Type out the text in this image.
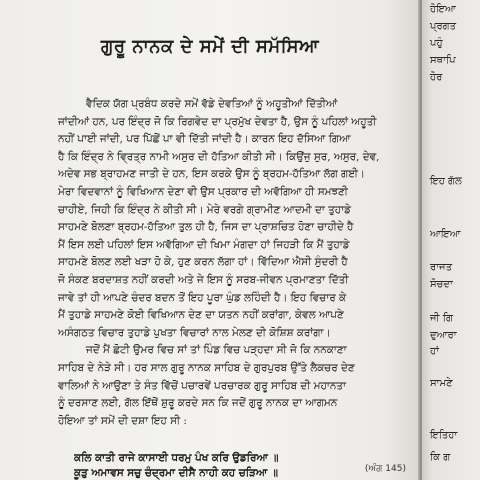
ਗੁਰੂ ਨਾਨਕ ਦੇ ਸਮੇਂ ਦੀ ਸਮੱਸਿਆ
ਵੈਦਿਕ ਯੱਗ ਪ੍ਰਬੰਧ ਕਰਦੇ ਸਮੇਂ ਵੱਡੇ ਦੇਵਤਿਆਂ ਨੂੰ ਅਹੂਤੀਆਂ ਦਿੱਤੀਆਂ
ਜਾਂਦੀਆਂ ਹਨ, ਪਰ ਇੰਦ੍ਰ ਜੋ ਕਿ ਰਿਗਵੇਦ ਦਾ ਪ੍ਰਮੁੱਖ ਦੇਵਤਾ ਹੈ, ਉਸ ਨੂੰ ਪਹਿਲਾਂ ਅਹੂਤੀ
ਨਹੀਂ ਪਾਈ ਜਾਂਦੀ, ਪਰ ਪਿੱਛੋਂ ਪਾ ਵੀ ਦਿੱਤੀ ਜਾਂਦੀ ਹੈ। ਕਾਰਨ ਇਹ ਦੱਸਿਆ ਗਿਆ
ਹੈ ਕਿ ਇੰਦ੍ਰ ਨੇ ਵ੍ਰਿਤ੍ਰ ਨਾਮੀ ਅਸੁਰ ਦੀ ਹੱਤਿਆ ਕੀਤੀ ਸੀ। ਕਿਉਂਜੁ ਸੁਰ, ਅਸੁਰ, ਦੇਵ,
ਅਦੇਵ ਸਭ ਬ੍ਰਾਹਮਣ ਜਾਤੀ ਦੇ ਹਨ, ਇਸ ਕਰਕੇ ਉਸ ਨੂੰ ਬ੍ਰਹਮ-ਹੱਤਿਆ ਲੱਗ ਗਈ।
ਮੇਰਾ ਵਿਦਵਾਨਾਂ ਨੂੰ ਵਿਖਿਆਨ ਦੇਣਾ ਵੀ ਉਸ ਪ੍ਰਕਾਰ ਦੀ ਅਵੱਗਿਆ ਹੀ ਸਮਝਣੀ
ਚਾਹੀਏ, ਜਿਹੀ ਕਿ ਇੰਦ੍ਰ ਨੇ ਕੀਤੀ ਸੀ। ਮੇਰੇ ਵਰਗੇ ਗ੍ਰਾਮੀਣ ਆਦਮੀ ਦਾ ਤੁਹਾਡੇ
ਸਾਹਮਣੇ ਬੋਲਣਾ ਬ੍ਰਹਮ-ਹੱਤਿਆ ਤੁਲ ਹੀ ਹੈ, ਜਿਸ ਦਾ ਪ੍ਰਾਸ਼ਚਿਤ ਹੋਣਾ ਚਾਹੀਦੇ ਹੈ
ਮੈਂ ਇਸ ਲਈ ਪਹਿਲਾਂ ਇਸ ਅਵੱਗਿਆ ਦੀ ਖਿਮਾ ਮੰਗਦਾ ਹਾਂ ਜਿਹੜੀ ਕਿ ਮੈਂ ਤੁਹਾਡੇ
ਸਾਹਮਣੇ ਬੋਲਣ ਲਈ ਖੜਾ ਹੋ ਕੇ, ਹੁਣ ਕਰਨ ਲੱਗਾ ਹਾਂ। ਵਿੱਦਿਆ ਐਸੀ ਸੁੰਦਰੀ ਹੈ
ਜੋ ਸੰਕਣ ਬਰਦਾਸ਼ਤ ਨਹੀਂ ਕਰਦੀ ਅਤੇ ਜੇ ਇਸ ਨੂੰ ਸਰਬ-ਜੀਵਨ ਪ੍ਰਮਾਣਤਾ ਦਿੱਤੀ
ਜਾਵੇ ਤਾਂ ਹੀ ਆਪਣੇ ਚੰਦਰ ਬਦਨ ਤੋਂ ਇਹ ਪੂਰਾ ਘੁੰਡ ਲਹਿੰਦੀ ਹੈ। ਇਹ ਵਿਚਾਰ ਕੇ
ਮੈਂ ਤੁਹਾਡੇ ਸਾਹਮਣੇ ਕੋਈ ਵਿਖਿਆਨ ਦੇਣ ਦਾ ਯਤਨ ਨਹੀਂ ਕਰਾਂਗਾ, ਕੇਵਲ ਆਪਣੇ
ਅਸੰਗਠਤ ਵਿਚਾਰ ਤੁਹਾਡੇ ਪੁਖਤਾ ਵਿਚਾਰਾਂ ਨਾਲ ਮੇਲਣ ਦੀ ਕੋਸ਼ਿਸ਼ ਕਰਾਂਗਾ।
ਜਦੋਂ ਮੈਂ ਛੋਟੀ ਉਮਰ ਵਿਚ ਸਾਂ ਤਾਂ ਪਿੰਡ ਵਿਚ ਪੜ੍ਹਦਾ ਸੀ ਜੋ ਕਿ ਨਨਕਾਣਾ
ਸਾਹਿਬ ਦੇ ਨੇੜੇ ਸੀ। ਹਰ ਸਾਲ ਗੁਰੂ ਨਾਨਕ ਸਾਹਿਬ ਦੇ ਗੁਰਪੁਰਬ ਉੱਤੇ ਲੈਕਚਰ ਦੇਣ
ਵਾਲਿਆਂ ਨੇ ਆਉਣਾ ਤੇ ਸੰਤ ਵਿੱਚੋਂ ਪਚਾਰਵੇਂ ਪਰਚਾਰਕ ਗੁਰੂ ਸਾਹਿਬ ਦੀ ਮਹਾਨਤਾ
ਨੂੰ ਦਰਸਾਣ ਲਈ, ਗੱਲ ਇੱਥੋਂ ਸ਼ੁਰੂ ਕਰਦੇ ਸਨ ਕਿ ਜਦੋਂ ਗੁਰੂ ਨਾਨਕ ਦਾ ਆਗਮਨ
ਹੋਇਆ ਤਾਂ ਸਮੇਂ ਦੀ ਦਸ਼ਾ ਇਹ ਸੀ :
ਕਲਿ ਕਾਤੀ ਰਾਜੇ ਕਾਸਾਈ ਧਰਮੁ ਪੰਖ ਕਰਿ ਉਡਰਿਆ ॥
ਕੂੜੁ ਅਮਾਵਸ ਸਚੁ ਚੰਦ੍ਰਮਾ ਦੀਸੈ ਨਾਹੀ ਕਹ ਚੜਿਆ ॥	(ਅੰਗ 145)
ਹੋਇਆ
ਪ੍ਰਗਤ
ਪਹੁੰ
ਸਥਾਪਿ
ਹੋਰ
ਇਹ ਗੱਲ
ਆਇਆ
ਰਾਜਤ
ਸੋਚਦਾ
ਜੀ ਗਿ
ਦੁਆਰਾ
ਹਾਂ
ਸਾਮਣੇ
ਇਤਿਹਾ
ਕਿ ਗ
